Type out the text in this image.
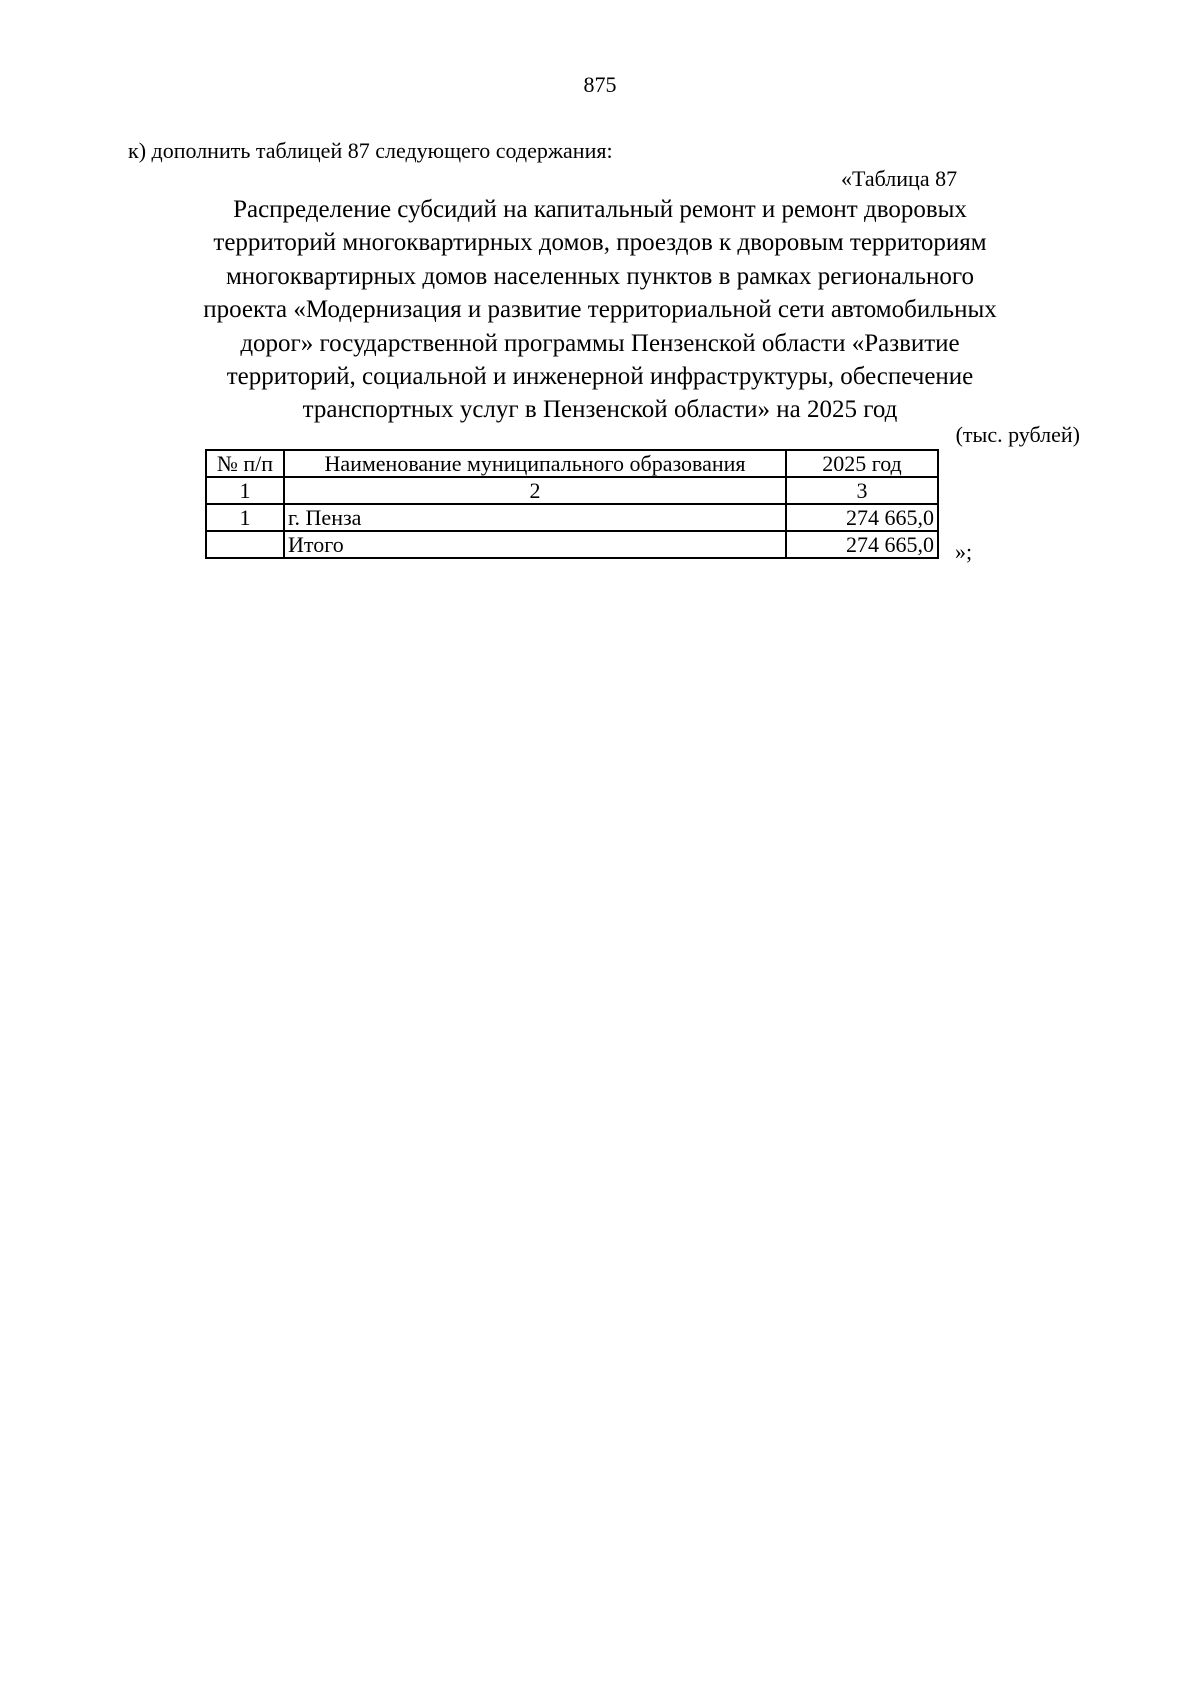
875
к) дополнить таблицей 87 следующего содержания:
«Таблица 87
Распределение субсидий на капитальный ремонт и ремонт дворовых
территорий многоквартирных домов, проездов к дворовым территориям
многоквартирных домов населенных пунктов в рамках регионального
проекта «Модернизация и развитие территориальной сети автомобильных
дорог» государственной программы Пензенской области «Развитие
территорий, социальной и инженерной инфраструктуры, обеспечение
транспортных услуг в Пензенской области» на 2025 год
(тыс. рублей)
№ п/п	Наименование муниципального образования	2025 год
1	2	3
1	г. Пенза	274 665,0
	Итого	274 665,0 »;
